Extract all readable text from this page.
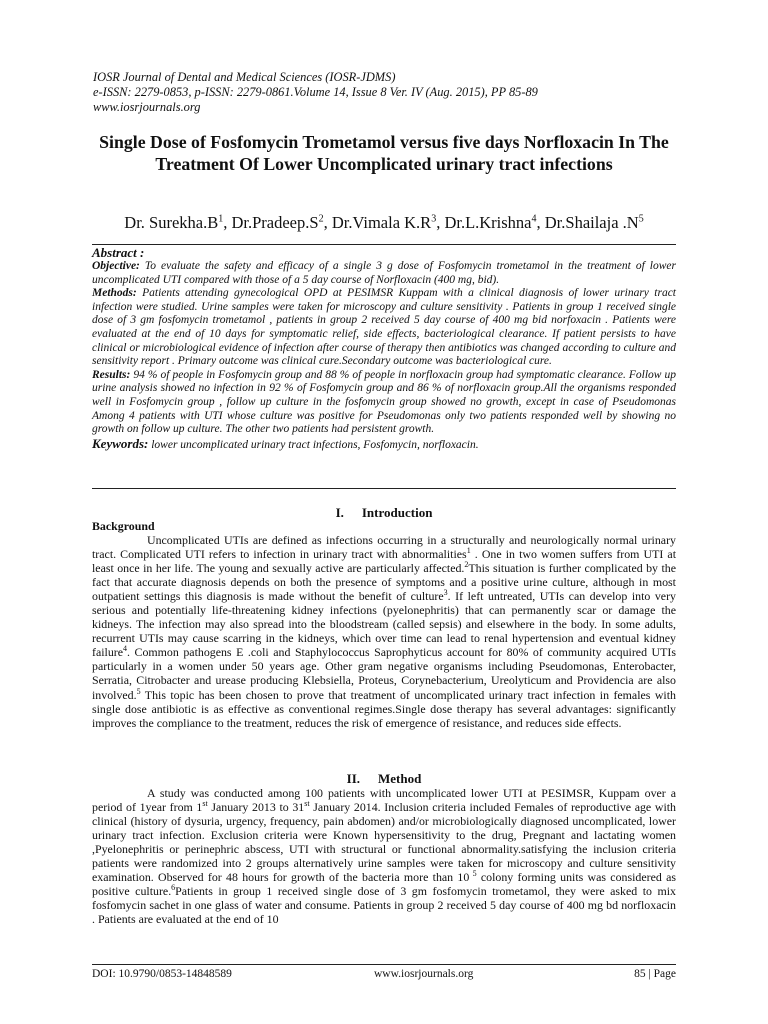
IOSR Journal of Dental and Medical Sciences (IOSR-JDMS)
e-ISSN: 2279-0853, p-ISSN: 2279-0861.Volume 14, Issue 8 Ver. IV (Aug. 2015), PP 85-89
www.iosrjournals.org
Single Dose of Fosfomycin Trometamol versus five days Norfloxacin In The Treatment Of Lower Uncomplicated urinary tract infections
Dr. $Surekha.B^1$, $Dr.Pradeep.S^2$, Dr.Vimala $K.R^3$, Dr.L.Krishna$^4$, Dr.Shailaja $.N^5$
Abstract :

Objective: To evaluate the safety and efficacy of a single 3 g dose of Fosfomycin trometamol in the treatment of lower uncomplicated UTI compared with those of a 5 day course of Norfloxacin (400 mg, bid).

Methods: Patients attending gynecological OPD at PESIMSR Kuppam with a clinical diagnosis of lower urinary tract infection were studied. Urine samples were taken for microscopy and culture sensitivity . Patients in group 1 received single dose of 3 gm fosfomycin trometamol , patients in group 2 received 5 day course of 400 mg bid norfoxacin . Patients were evaluated at the end of 10 days for symptomatic relief, side effects, bacteriological clearance. If patient persists to have clinical or microbiological evidence of infection after course of therapy then antibiotics was changed according to culture and sensitivity report . Primary outcome was clinical cure.Secondary outcome was bacteriological cure.

Results: 94 % of people in Fosfomycin group and 88 % of people in norfloxacin group had symptomatic clearance. Follow up urine analysis showed no infection in 92 % of Fosfomycin group and 86 % of norfloxacin group.All the organisms responded well in Fosfomycin group , follow up culture in the fosfomycin group showed no growth, except in case of Pseudomonas Among 4 patients with UTI whose culture was positive for Pseudomonas only two patients responded well by showing no growth on follow up culture. The other two patients had persistent growth.

Keywords: lower uncomplicated urinary tract infections, Fosfomycin, norfloxacin.

I. Introduction
Background

Uncomplicated UTIs are defined as infections occurring in a structurally and neurologically normal urinary tract. Complicated UTI refers to infection in urinary tract with abnormalities$^1$ . One in two women suffers from UTI at least once in her life. The young and sexually active are particularly affected.$^2$This situation is further complicated by the fact that accurate diagnosis depends on both the presence of symptoms and a positive urine culture, although in most outpatient settings this diagnosis is made without the benefit of culture$^3$. If left untreated, UTIs can develop into very serious and potentially life-threatening kidney infections (pyelonephritis) that can permanently scar or damage the kidneys. The infection may also spread into the bloodstream (called sepsis) and elsewhere in the body. In some adults, recurrent UTIs may cause scarring in the kidneys, which over time can lead to renal hypertension and eventual kidney failure$^4$. Common pathogens E .coli and Staphylococcus Saprophyticus account for 80% of community acquired UTIs particularly in a women under 50 years age. Other gram negative organisms including Pseudomonas, Enterobacter, Serratia, Citrobacter and urease producing Klebsiella, Proteus, Corynebacterium, Ureolyticum and Providencia are also involved.$^5$ This topic has been chosen to prove that treatment of uncomplicated urinary tract infection in females with single dose antibiotic is as effective as conventional regimes.Single dose therapy has several advantages: significantly improves the compliance to the treatment, reduces the risk of emergence of resistance, and reduces side effects.

II. Method

A study was conducted among 100 patients with uncomplicated lower UTI at PESIMSR, Kuppam over a period of 1year from 1st January 2013 to 31st January 2014. Inclusion criteria included Females of reproductive age with clinical (history of dysuria, urgency, frequency, pain abdomen) and/or microbiologically diagnosed uncomplicated, lower urinary tract infection. Exclusion criteria were Known hypersensitivity to the drug, Pregnant and lactating women ,Pyelonephritis or perinephric abscess, UTI with structural or functional abnormality.satisfying the inclusion criteria patients were randomized into 2 groups alternatively urine samples were taken for microscopy and culture sensitivity examination. Observed for 48 hours for growth of the bacteria more than 10 $^5$ colony forming units was considered as positive culture.$^6$Patients in group 1 received single dose of 3 gm fosfomycin trometamol, they were asked to mix fosfomycin sachet in one glass of water and consume. Patients in group 2 received 5 day course of 400 mg bd norfloxacin . Patients are evaluated at the end of 10

DOI: 10.9790/0853-14848589	www.iosrjournals.org	85 | Page
